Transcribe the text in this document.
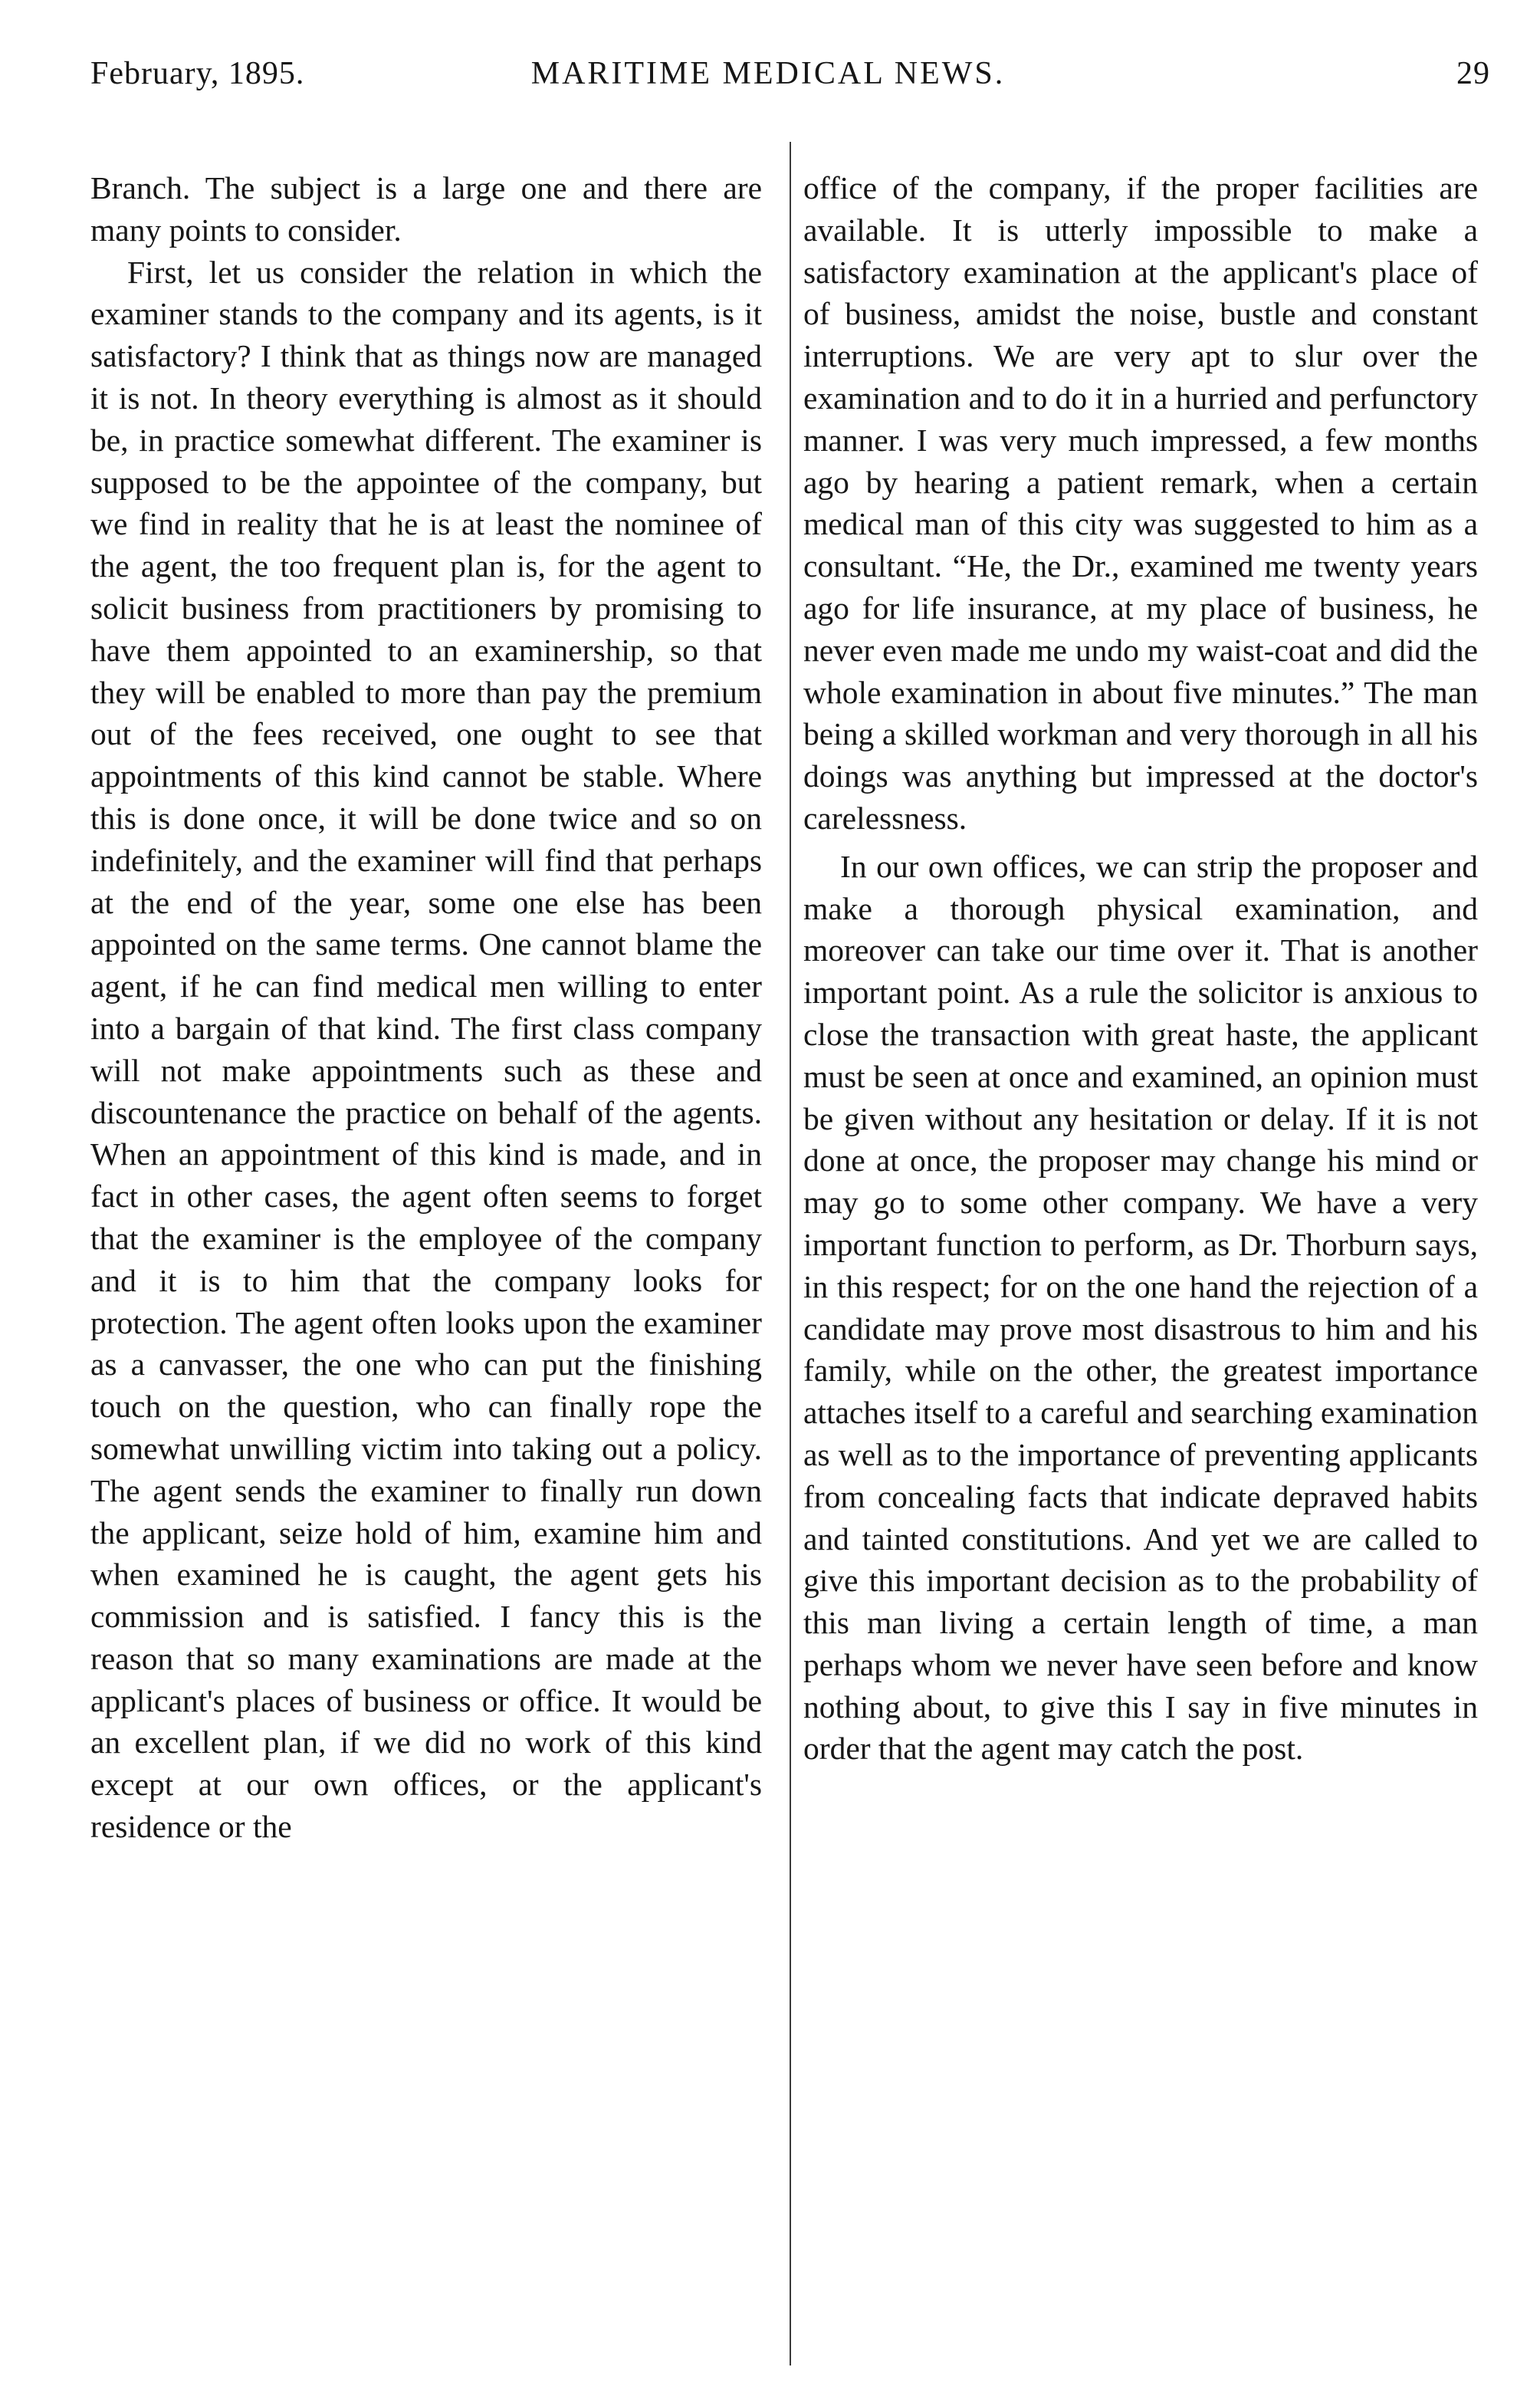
February, 1895.	MARITIME MEDICAL NEWS.	29

Branch. The subject is a large one and there are many points to consider.

First, let us consider the relation in which the examiner stands to the company and its agents, is it satisfactory? I think that as things now are managed it is not. In theory everything is almost as it should be, in practice somewhat different. The examiner is supposed to be the appointee of the company, but we find in reality that he is at least the nominee of the agent, the too frequent plan is, for the agent to solicit business from practitioners by promising to have them appointed to an examinership, so that they will be enabled to more than pay the premium out of the fees received, one ought to see that appointments of this kind cannot be stable. Where this is done once, it will be done twice and so on indefinitely, and the examiner will find that perhaps at the end of the year, some one else has been appointed on the same terms. One cannot blame the agent, if he can find medical men willing to enter into a bargain of that kind. The first class company will not make appointments such as these and discountenance the practice on behalf of the agents. When an appointment of this kind is made, and in fact in other cases, the agent often seems to forget that the examiner is the employee of the company and it is to him that the company looks for protection. The agent often looks upon the examiner as a canvasser, the one who can put the finishing touch on the question, who can finally rope the somewhat unwilling victim into taking out a policy. The agent sends the examiner to finally run down the applicant, seize hold of him, examine him and when examined he is caught, the agent gets his commission and is satisfied. I fancy this is the reason that so many examinations are made at the applicant's places of business or office. It would be an excellent plan, if we did no work of this kind except at our own offices, or the applicant's residence or the

office of the company, if the proper facilities are available. It is utterly impossible to make a satisfactory examination at the applicant's place of of business, amidst the noise, bustle and constant interruptions. We are very apt to slur over the examination and to do it in a hurried and perfunctory manner. I was very much impressed, a few months ago by hearing a patient remark, when a certain medical man of this city was suggested to him as a consultant. “He, the Dr., examined me twenty years ago for life insurance, at my place of business, he never even made me undo my waist-coat and did the whole examination in about five minutes.” The man being a skilled workman and very thorough in all his doings was anything but impressed at the doctor's carelessness.

In our own offices, we can strip the proposer and make a thorough physical examination, and moreover can take our time over it. That is another important point. As a rule the solicitor is anxious to close the transaction with great haste, the applicant must be seen at once and examined, an opinion must be given without any hesitation or delay. If it is not done at once, the proposer may change his mind or may go to some other company. We have a very important function to perform, as Dr. Thorburn says, in this respect; for on the one hand the rejection of a candidate may prove most disastrous to him and his family, while on the other, the greatest importance attaches itself to a careful and searching examination as well as to the importance of preventing applicants from concealing facts that indicate depraved habits and tainted constitutions. And yet we are called to give this important decision as to the probability of this man living a certain length of time, a man perhaps whom we never have seen before and know nothing about, to give this I say in five minutes in order that the agent may catch the post.
